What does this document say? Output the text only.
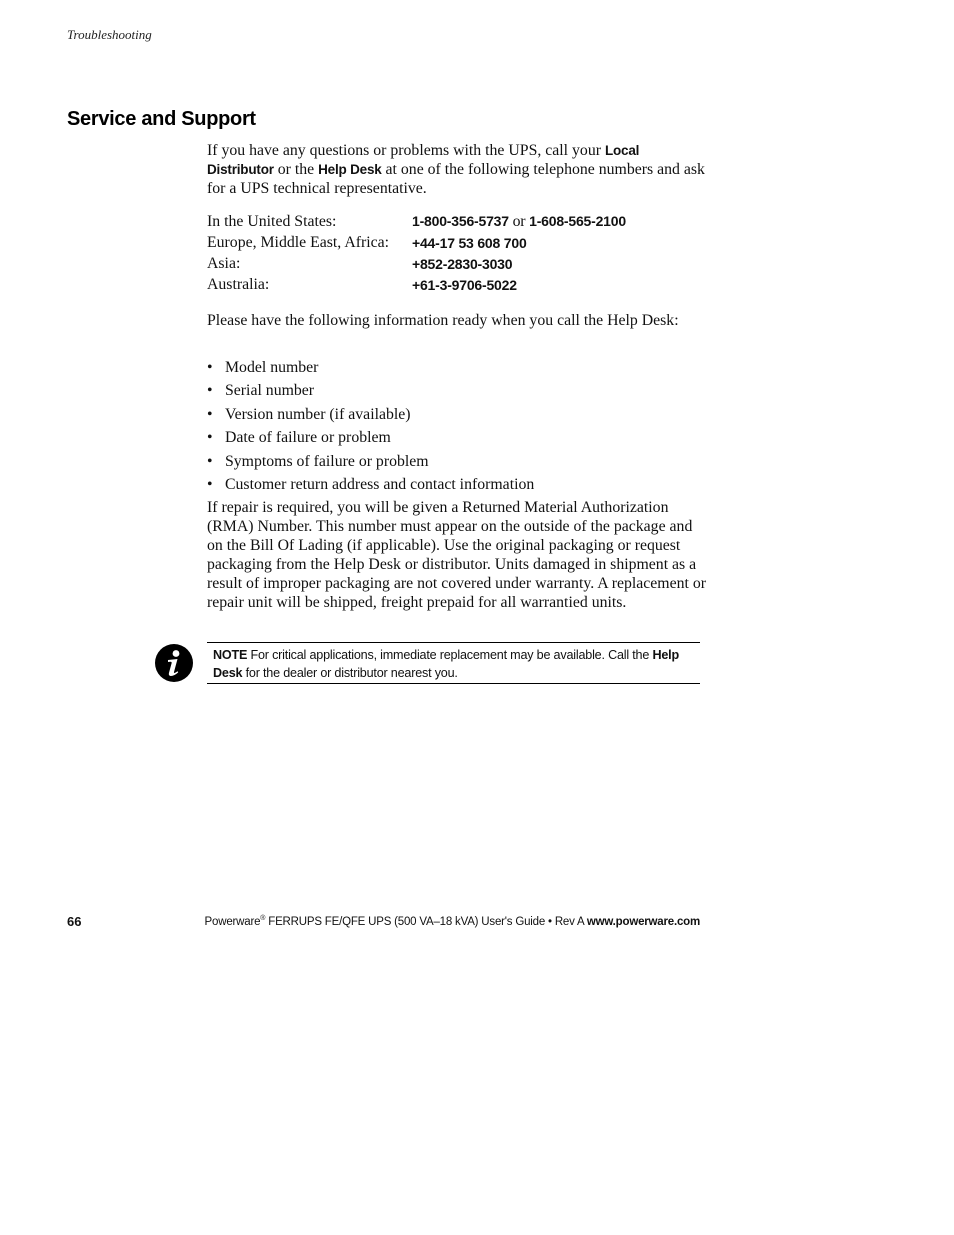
Troubleshooting
Service and Support

If you have any questions or problems with the UPS, call your Local Distributor or the Help Desk at one of the following telephone numbers and ask for a UPS technical representative.

In the United States:	1-800-356-5737 or 1-608-565-2100
Europe, Middle East, Africa:	+44-17 53 608 700
Asia:	+852-2830-3030
Australia:	+61-3-9706-5022

Please have the following information ready when you call the Help Desk:

• Model number
• Serial number
• Version number (if available)
• Date of failure or problem
• Symptoms of failure or problem
• Customer return address and contact information

If repair is required, you will be given a Returned Material Authorization (RMA) Number. This number must appear on the outside of the package and on the Bill Of Lading (if applicable). Use the original packaging or request packaging from the Help Desk or distributor. Units damaged in shipment as a result of improper packaging are not covered under warranty. A replacement or repair unit will be shipped, freight prepaid for all warrantied units.

NOTE For critical applications, immediate replacement may be available. Call the Help Desk for the dealer or distributor nearest you.
66	Powerware® FERRUPS FE/QFE UPS (500 VA–18 kVA) User's Guide • Rev A www.powerware.com
